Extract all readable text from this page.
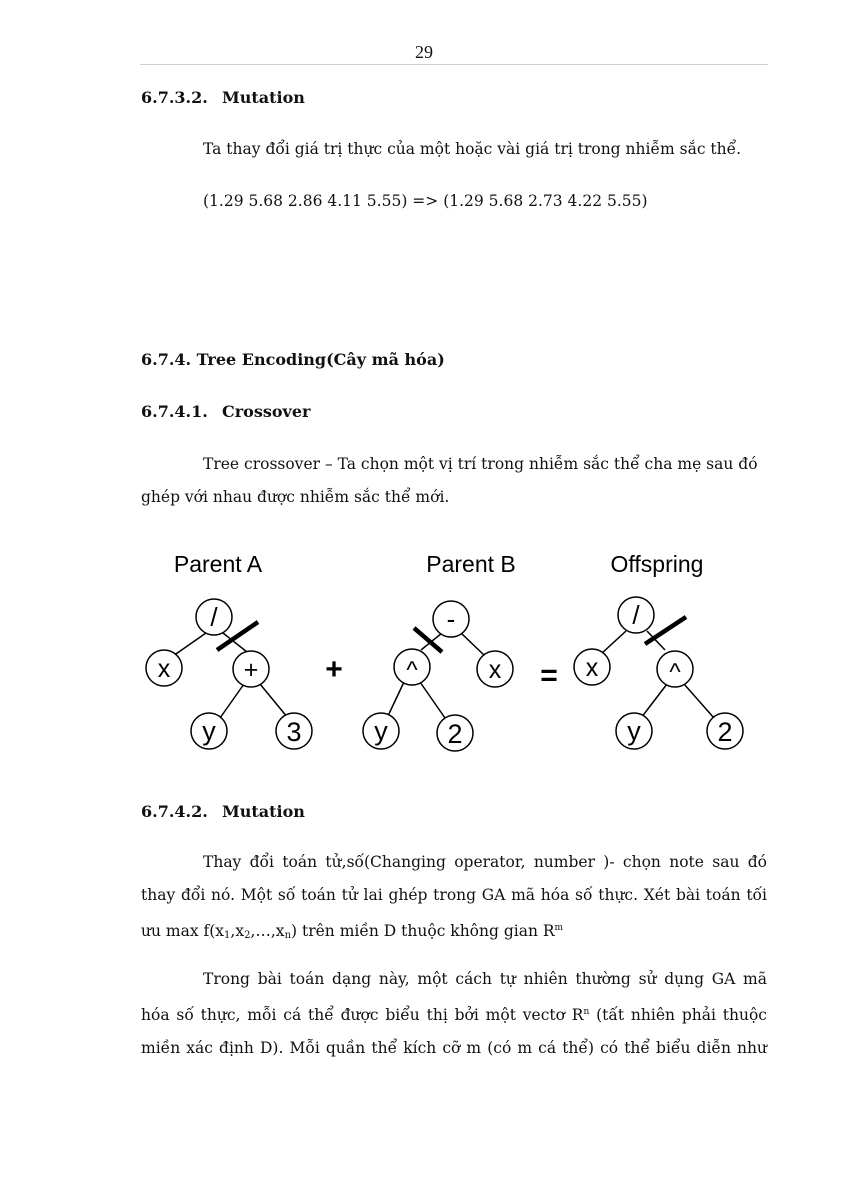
29
6.7.3.2. Mutation
Ta thay đổi giá trị thực của một hoặc vài giá trị trong nhiễm sắc thể.
(1.29 5.68 2.86 4.11 5.55) => (1.29 5.68 2.73 4.22 5.55)
6.7.4. Tree Encoding(Cây mã hóa)
6.7.4.1. Crossover
Tree crossover – Ta chọn một vị trí trong nhiễm sắc thể cha mẹ sau đó
ghép với nhau được nhiễm sắc thể mới.
Parent A	Parent B	Offspring
/
x	+
y	3
+
-
^	x
y 2
=
/
x	^
y	2
6.7.4.2. Mutation
Thay đổi toán tử,số(Changing operator, number )- chọn note sau đó
thay đổi nó. Một số toán tử lai ghép trong GA mã hóa số thực. Xét bài toán tối
ưu $\max f(x_1,x_2,\dots,x_n)$ trên miền D thuộc không gian $R^m$
Trong bài toán dạng này, một cách tự nhiên thường sử dụng GA mã
hóa số thực, mỗi cá thể được biểu thị bởi một vectơ $R^n$ (tất nhiên phải thuộc
miền xác định D). Mỗi quần thể kích cỡ m (có m cá thể) có thể biểu diễn như
